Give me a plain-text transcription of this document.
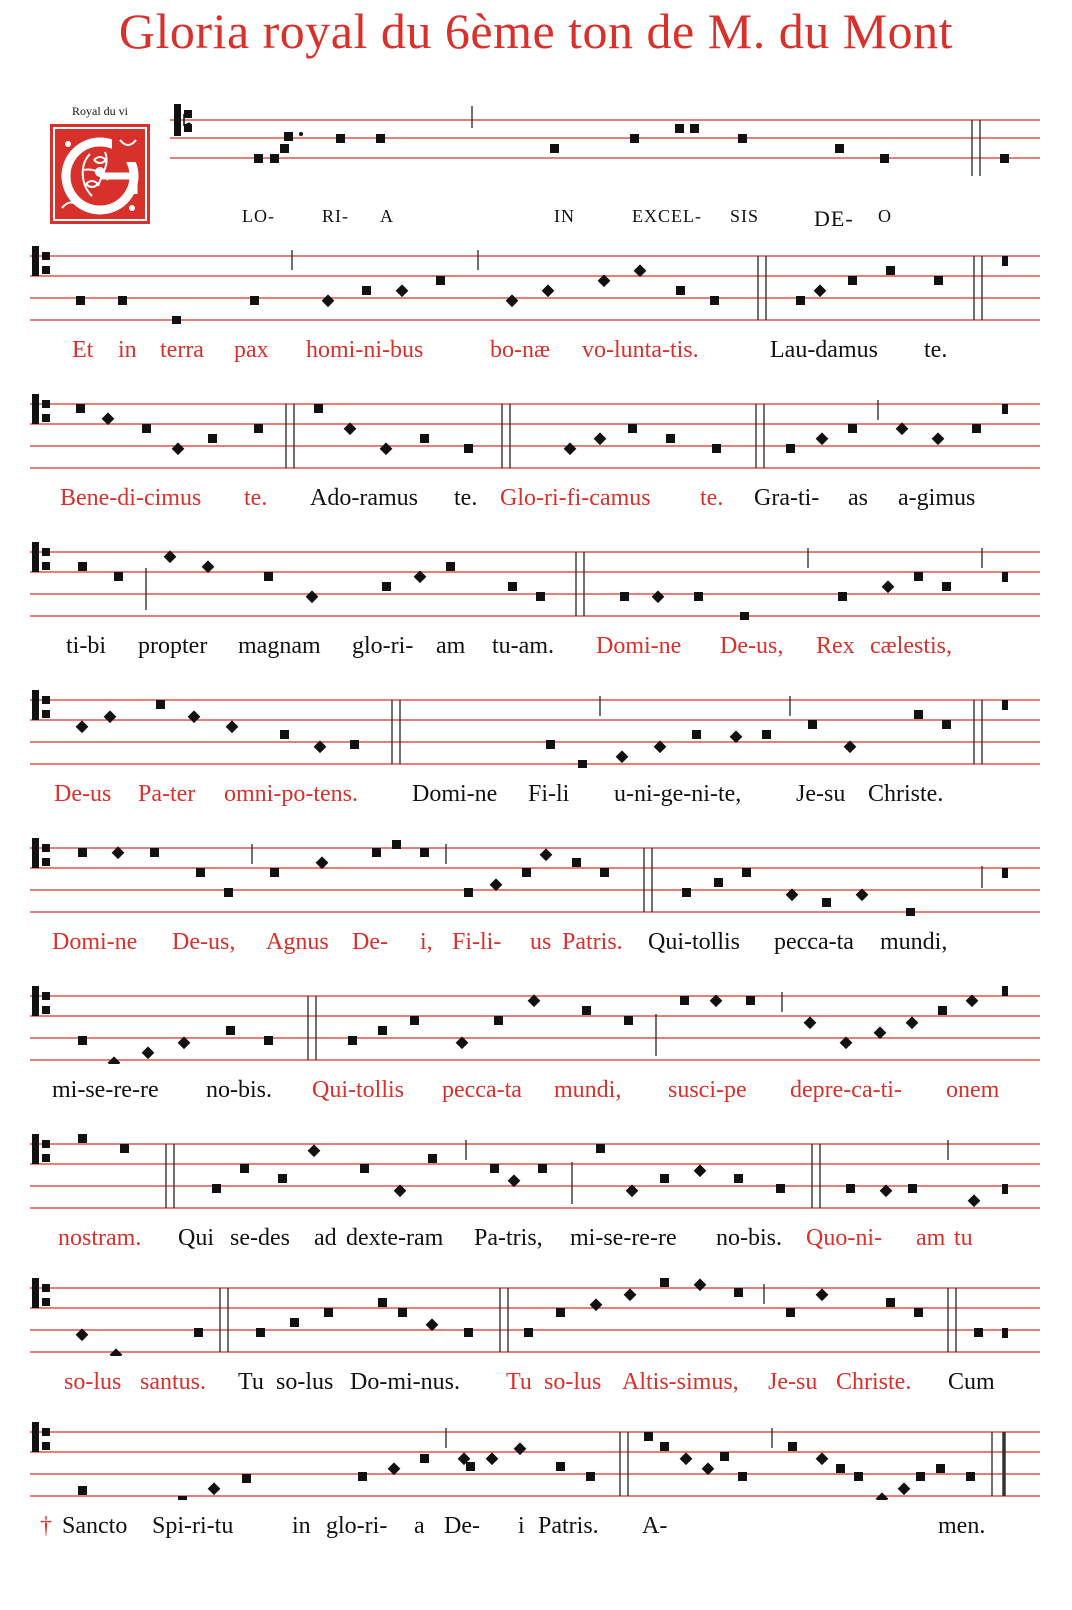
Gloria royal du 6ème ton de M. du Mont
Royal du vi
LO-	RI- A	IN	EXCEL- SIS DE- O
Et in terra pax homi-ni-bus	bo-næ vo-lunta-tis.	Lau-damus te.
Bene-di-cimus te. Ado-ramus te. Glo-ri-fi-camus te. Gra-ti- as a-gimus
ti-bi propter magnam glo-ri- am tu-am. Domi-ne De-us, Rex cælestis,
De-us Pa-ter omni-po-tens. Domi-ne Fi-li u-ni-ge-ni-te, Je-su Christe.
Domi-ne De-us, Agnus De- i, Fi-li- us Patris. Qui-tollis pecca-ta mundi,
mi-se-re-re no-bis. Qui-tollis pecca-ta mundi, susci-pe depre-ca-ti- onem
nostram. Qui se-des ad dexte-ram Pa-tris, mi-se-re-re no-bis. Quo-ni- am tu
so-lus santus. Tu so-lus Do-mi-nus. Tu so-lus Altis-simus, Je-su Christe. Cum
† Sancto Spi-ri-tu in glo-ri- a De- i Patris. A-	men.
